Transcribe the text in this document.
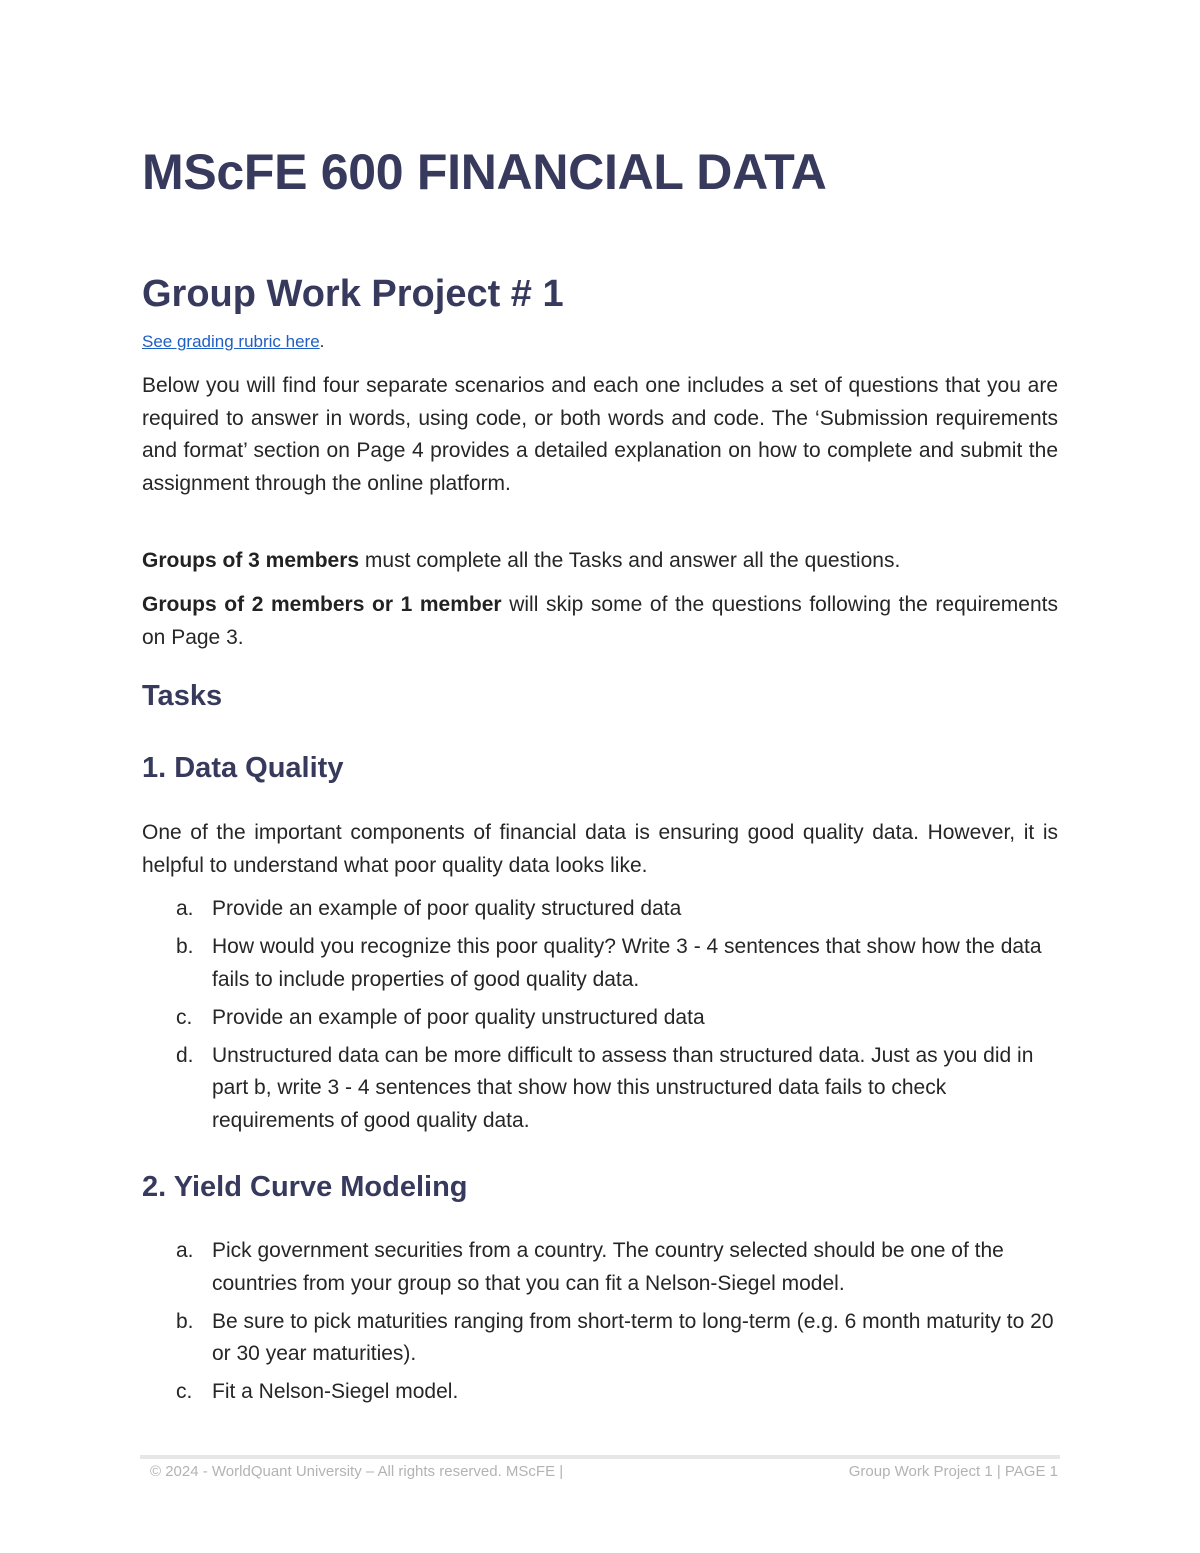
MScFE 600 FINANCIAL DATA
Group Work Project # 1
See grading rubric here.

Below you will find four separate scenarios and each one includes a set of questions that you are required to answer in words, using code, or both words and code. The ‘Submission requirements and format’ section on Page 4 provides a detailed explanation on how to complete and submit the assignment through the online platform.

Groups of 3 members must complete all the Tasks and answer all the questions.

Groups of 2 members or 1 member will skip some of the questions following the requirements on Page 3.

Tasks
1. Data Quality

One of the important components of financial data is ensuring good quality data. However, it is helpful to understand what poor quality data looks like.

a. Provide an example of poor quality structured data
b. How would you recognize this poor quality? Write 3 - 4 sentences that show how the data fails to include properties of good quality data.
c. Provide an example of poor quality unstructured data
d. Unstructured data can be more difficult to assess than structured data. Just as you did in part b, write 3 - 4 sentences that show how this unstructured data fails to check requirements of good quality data.
2. Yield Curve Modeling
a. Pick government securities from a country. The country selected should be one of the countries from your group so that you can fit a Nelson-Siegel model.
b. Be sure to pick maturities ranging from short-term to long-term (e.g. 6 month maturity to 20 or 30 year maturities).
c. Fit a Nelson-Siegel model.
© 2024 - WorldQuant University – All rights reserved. MScFE |	Group Work Project 1 | PAGE 1
